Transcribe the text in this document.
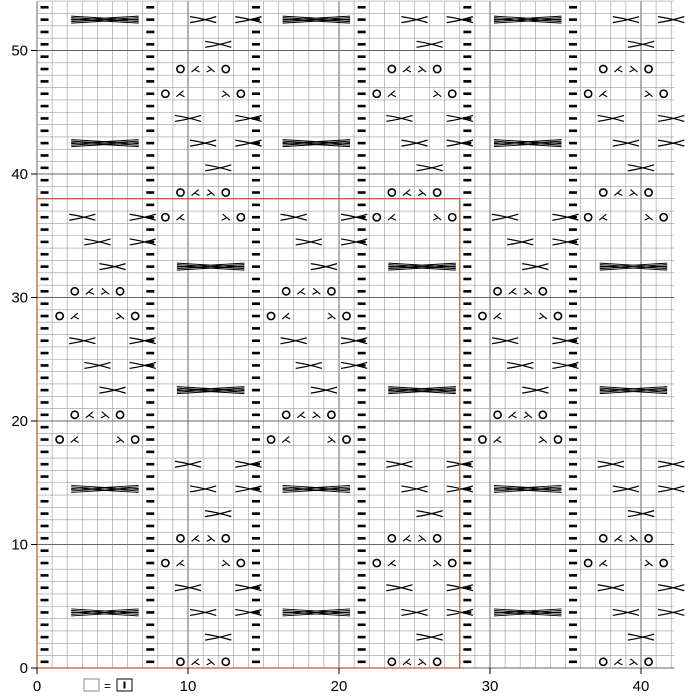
0	10	20	30	40
0
10
20
30
40
50
=
